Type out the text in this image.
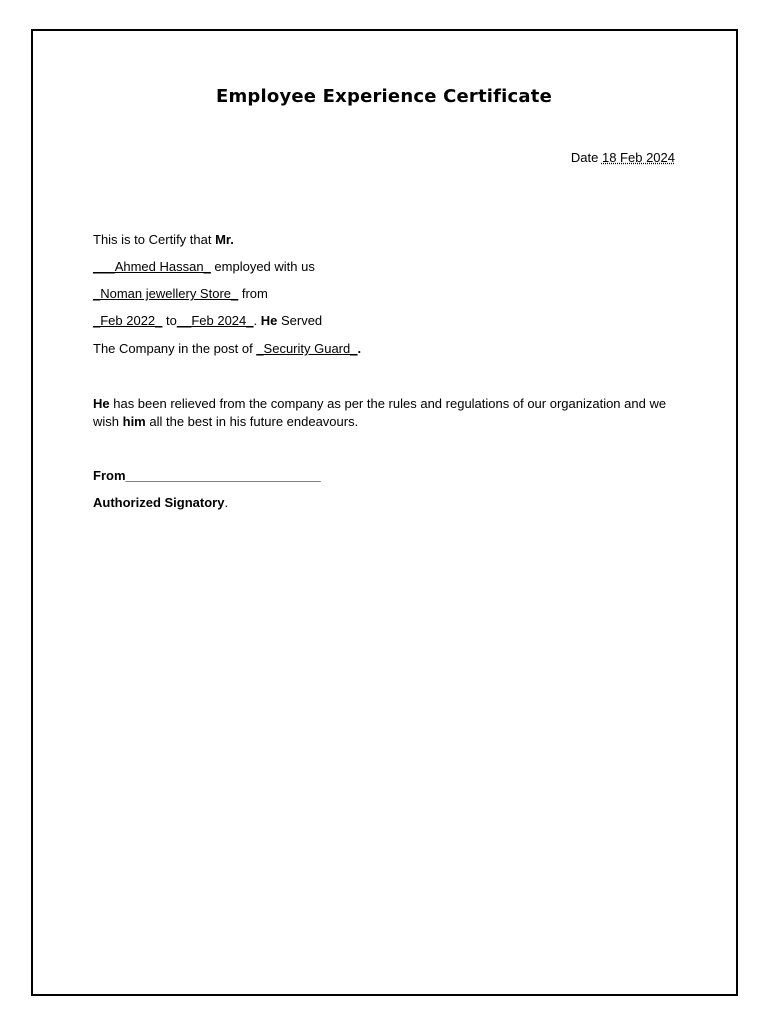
Employee Experience Certificate
Date 18 Feb 2024
This is to Certify that Mr.
___Ahmed Hassan_ employed with us
_Noman jewellery Store_ from
_Feb 2022_ to__Feb 2024_. He Served
The Company in the post of _Security Guard_.
He has been relieved from the company as per the rules and regulations of our organization and we wish him all the best in his future endeavours.
From___________________________
Authorized Signatory.
